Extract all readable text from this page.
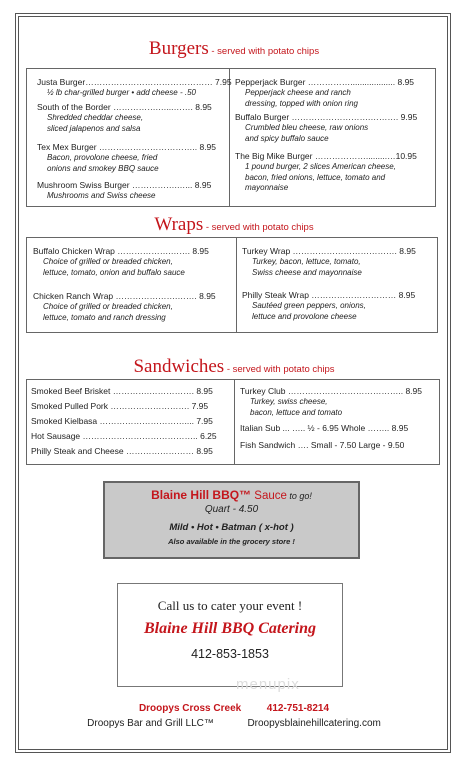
Burgers - served with potato chips
Justa Burger……………………………………… 7.95
½ lb char-grilled burger • add cheese - .50
South of the Border …………….…...……. 8.95
Shredded cheddar cheese,
sliced jalapenos and salsa
Tex Mex Burger …………………………….. 8.95
Bacon, provolone cheese, fried
onions and smokey BBQ sauce
Mushroom Swiss Burger …………….…... 8.95
Mushrooms and Swiss cheese
Pepperjack Burger ……………................... 8.95
Pepperjack cheese and ranch
dressing, topped with onion ring
Buffalo Burger ……………………….………. 9.95
Crumbled bleu cheese, raw onions
and spicy buffalo sauce
The Big Mike Burger ……………….........…10.95
1 pound burger, 2 slices American cheese,
bacon, fried onions, lettuce, tomato and
mayonnaise
Wraps - served with potato chips
Buffalo Chicken Wrap ……………….……. 8.95
Choice of grilled or breaded chicken,
lettuce, tomato, onion and buffalo sauce
Chicken Ranch Wrap ………………….……. 8.95
Choice of grilled or breaded chicken,
lettuce, tomato and ranch dressing
Turkey Wrap ………………………………. 8.95
Turkey, bacon, lettuce, tomato,
Swiss cheese and mayonnaise
Philly Steak Wrap ………………………… 8.95
Sautéed green peppers, onions,
lettuce and provolone cheese
Sandwiches - served with potato chips
Smoked Beef Brisket ………….……………. 8.95
Smoked Pulled Pork ………………………. 7.95
Smoked Kielbasa ………………………….... 7.95
Hot Sausage ………………………………….. 6.25
Philly Steak and Cheese …………………… 8.95
Turkey Club ………………………………….. 8.95
Turkey, swiss cheese,
bacon, lettuce and tomato
Italian Sub ... ….. ½ - 6.95 Whole …….. 8.95
Fish Sandwich …. Small - 7.50 Large - 9.50
Blaine Hill BBQ™ Sauce to go!
Quart - 4.50
Mild • Hot • Batman ( x-hot )
Also available in the grocery store !
Call us to cater your event !
Blaine Hill BBQ Catering
412-853-1853
menupix
Droopys Cross Creek	412-751-8214
Droopys Bar and Grill LLC™	Droopysblainehillcatering.com
